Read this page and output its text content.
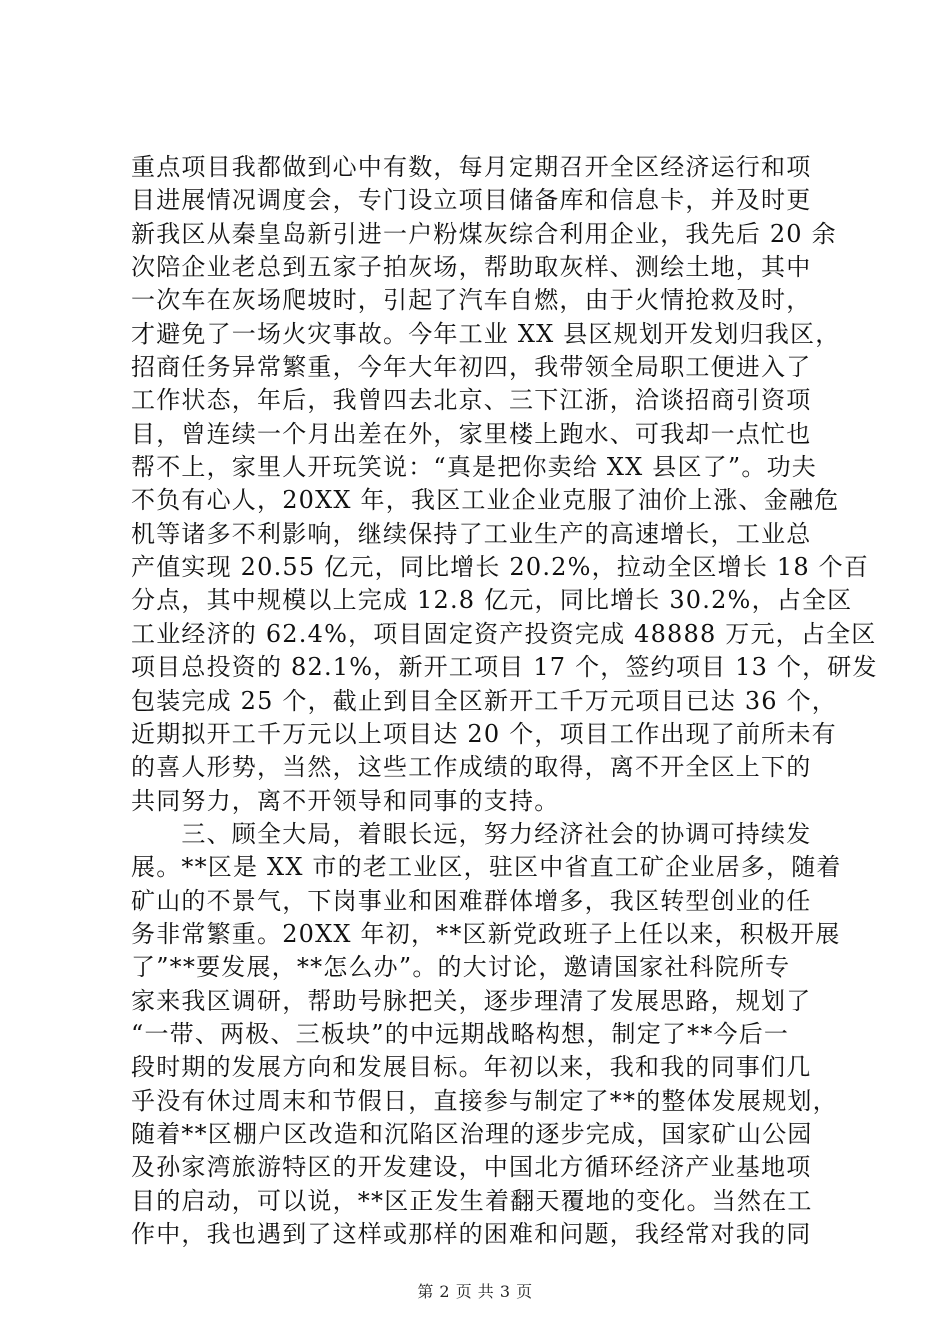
重点项目我都做到心中有数，每月定期召开全区经济运行和项
目进展情况调度会，专门设立项目储备库和信息卡，并及时更
新我区从秦皇岛新引进一户粉煤灰综合利用企业，我先后 20 余
次陪企业老总到五家子拍灰场，帮助取灰样、测绘土地，其中
一次车在灰场爬坡时，引起了汽车自燃，由于火情抢救及时，
才避免了一场火灾事故。今年工业 XX 县区规划开发划归我区，
招商任务异常繁重，今年大年初四，我带领全局职工便进入了
工作状态，年后，我曾四去北京、三下江浙，洽谈招商引资项
目，曾连续一个月出差在外，家里楼上跑水、可我却一点忙也
帮不上，家里人开玩笑说：“真是把你卖给 XX 县区了”。功夫
不负有心人，20XX 年，我区工业企业克服了油价上涨、金融危
机等诸多不利影响，继续保持了工业生产的高速增长，工业总
产值实现 20.55 亿元，同比增长 20.2%，拉动全区增长 18 个百
分点，其中规模以上完成 12.8 亿元，同比增长 30.2%，占全区
工业经济的 62.4%，项目固定资产投资完成 48888 万元，占全区
项目总投资的 82.1%，新开工项目 17 个，签约项目 13 个，研发
包装完成 25 个，截止到目全区新开工千万元项目已达 36 个，
近期拟开工千万元以上项目达 20 个，项目工作出现了前所未有
的喜人形势，当然，这些工作成绩的取得，离不开全区上下的
共同努力，离不开领导和同事的支持。
　　三、顾全大局，着眼长远，努力经济社会的协调可持续发
展。**区是 XX 市的老工业区，驻区中省直工矿企业居多，随着
矿山的不景气，下岗事业和困难群体增多，我区转型创业的任
务非常繁重。20XX 年初，**区新党政班子上任以来，积极开展
了”**要发展，**怎么办”。的大讨论，邀请国家社科院所专
家来我区调研，帮助号脉把关，逐步理清了发展思路，规划了
“一带、两极、三板块”的中远期战略构想，制定了**今后一
段时期的发展方向和发展目标。年初以来，我和我的同事们几
乎没有休过周末和节假日，直接参与制定了**的整体发展规划，
随着**区棚户区改造和沉陷区治理的逐步完成，国家矿山公园
及孙家湾旅游特区的开发建设，中国北方循环经济产业基地项
目的启动，可以说，**区正发生着翻天覆地的变化。当然在工
作中，我也遇到了这样或那样的困难和问题，我经常对我的同
第 2 页 共 3 页
